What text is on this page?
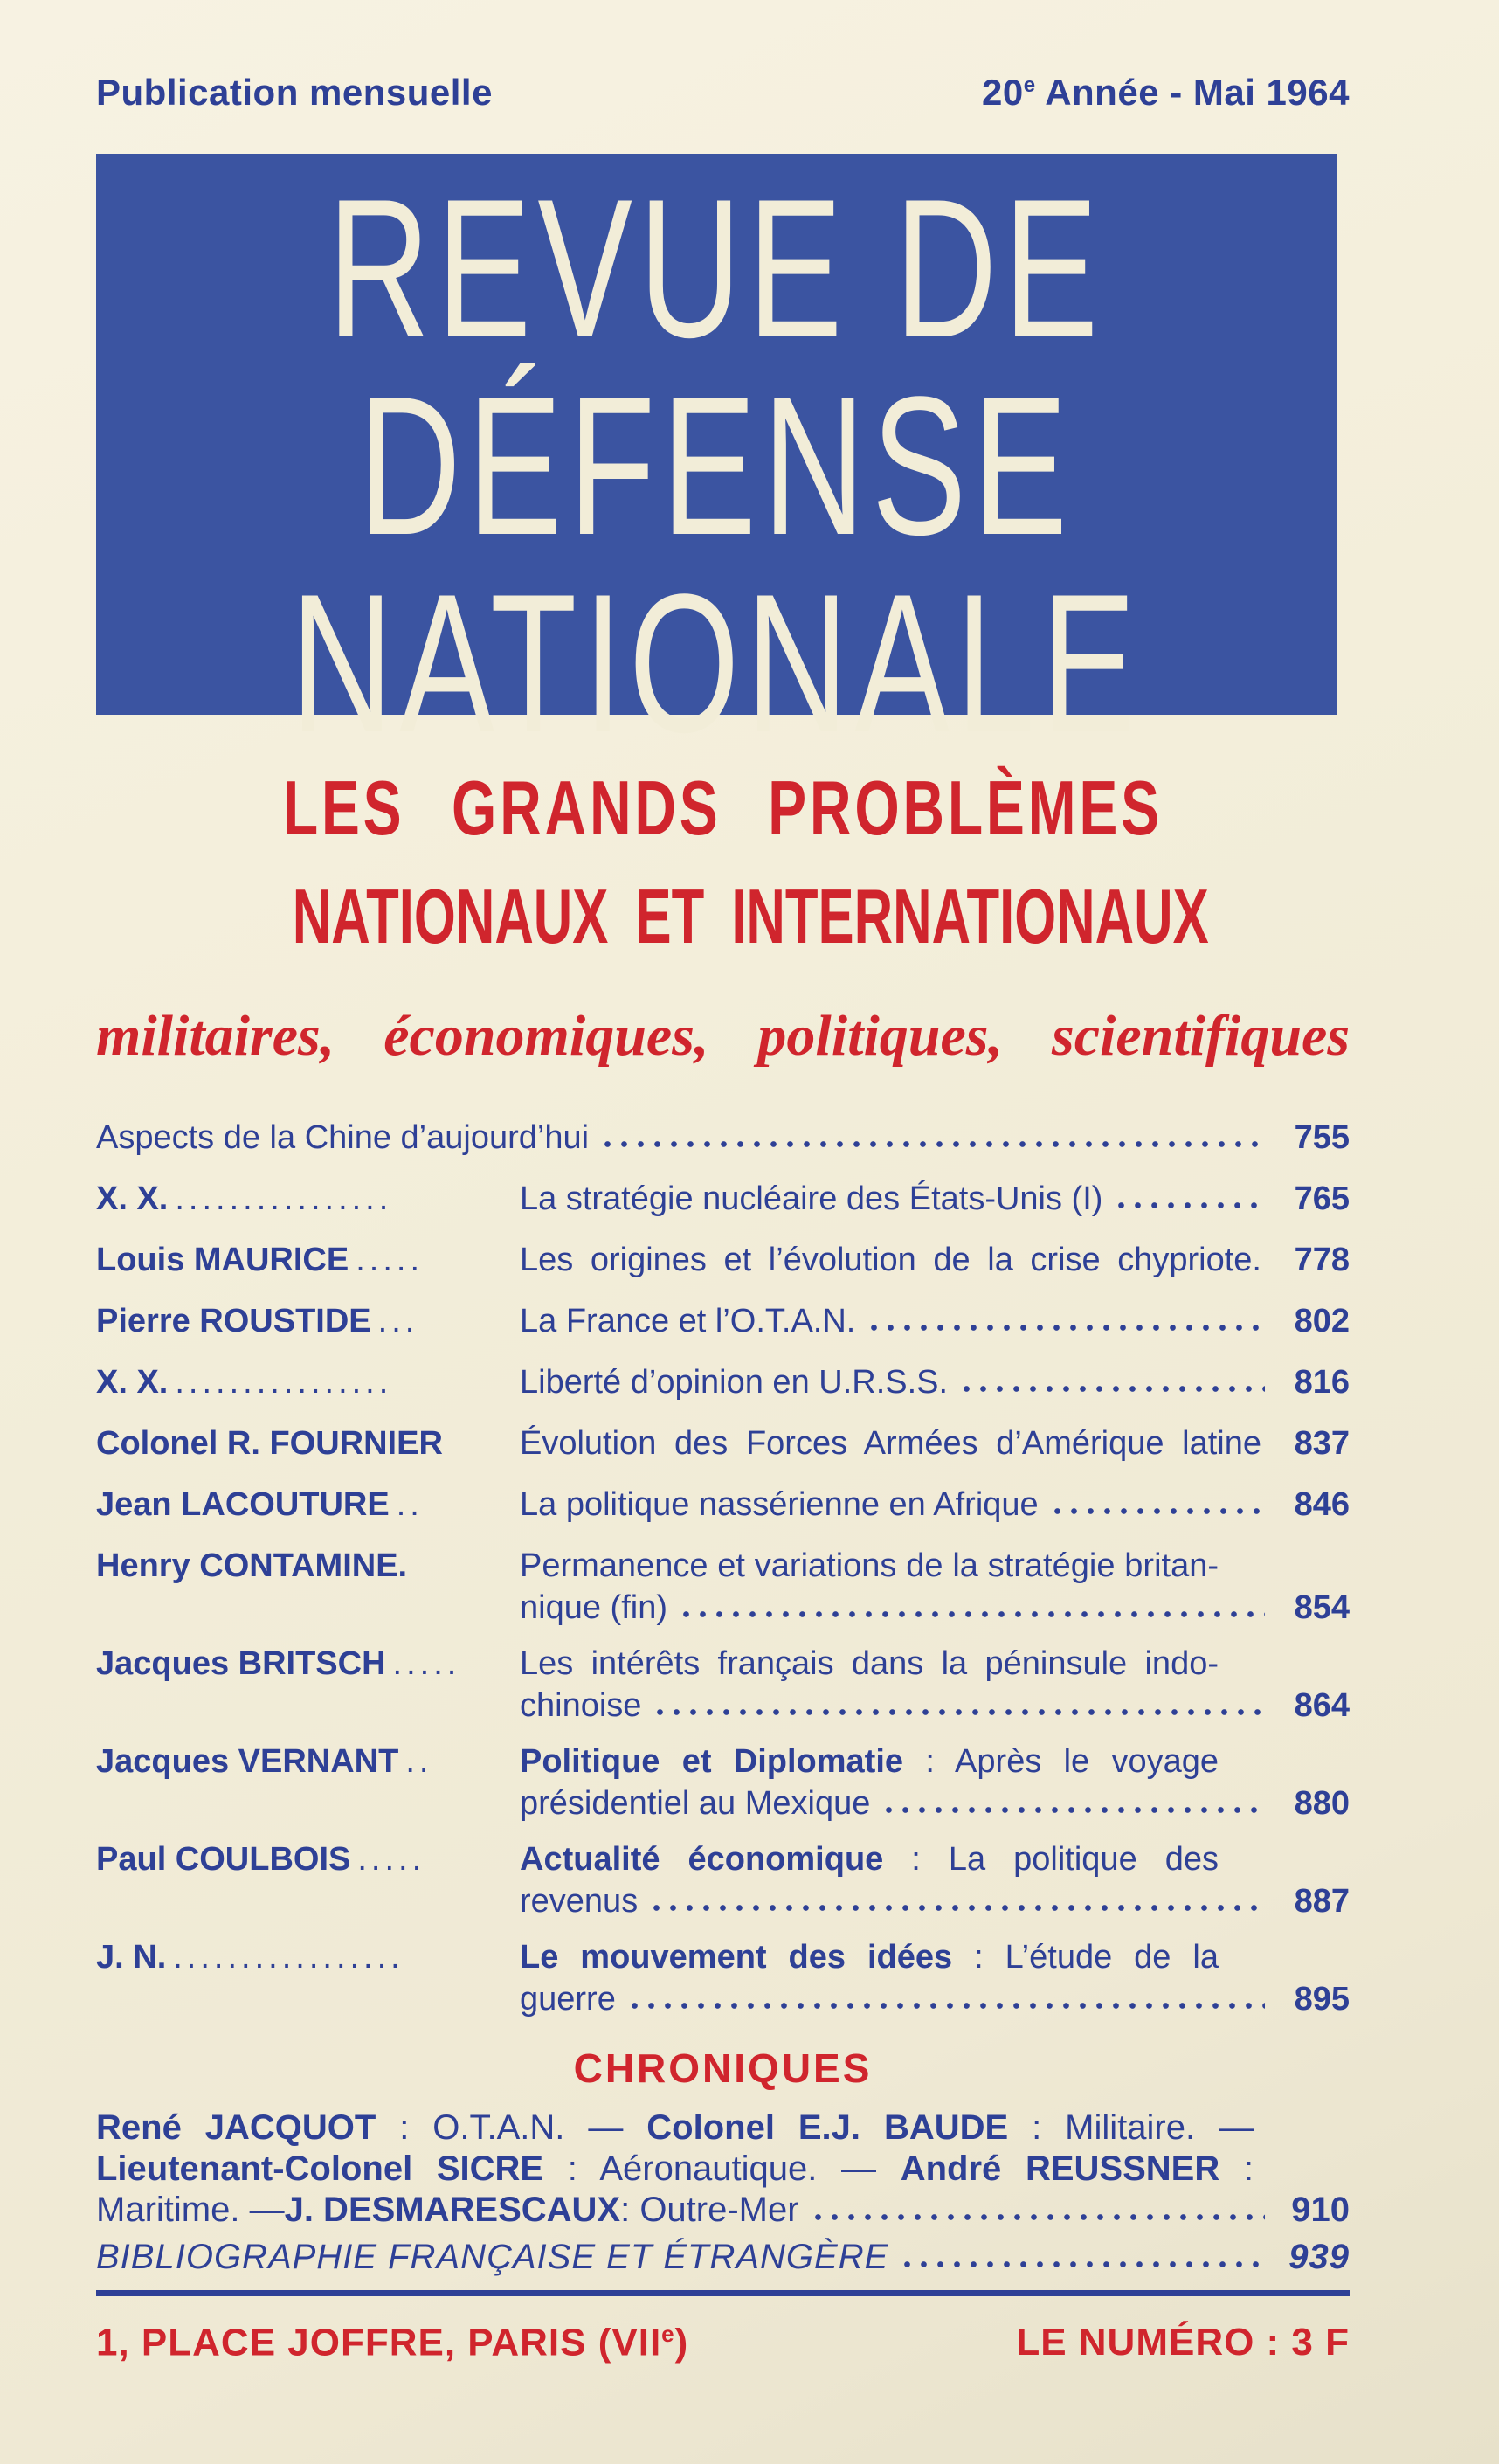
Publication mensuelle	20e Année - Mai 1964
REVUE DE
DÉFENSE
NATIONALE
LES GRANDS PROBLÈMES
NATIONAUX ET INTERNATIONAUX
militaires, économiques, politiques, scientifiques
Aspects de la Chine d’aujourd’hui	755
X. X. ................	La stratégie nucléaire des États-Unis (I)	765
Louis MAURICE .....	Les origines et l’évolution de la crise chypriote. 778
Pierre ROUSTIDE ...	La France et l’O.T.A.N.	802
X. X. ................	Liberté d’opinion en U.R.S.S.	816
Colonel R. FOURNIER	Évolution des Forces Armées d’Amérique latine 837
Jean LACOUTURE ..	La politique nassérienne en Afrique	846
Henry CONTAMINE.	Permanence et variations de la stratégie britan-
nique (fin)	854
Jacques BRITSCH .....	Les intérêts français dans la péninsule indo-
chinoise	864
Jacques VERNANT ..	Politique et Diplomatie : Après le voyage
présidentiel au Mexique	880
Paul COULBOIS .....	Actualité économique : La politique des
revenus	887
J. N. .................	Le mouvement des idées : L’étude de la
guerre	895
CHRONIQUES
René JACQUOT : O.T.A.N. — Colonel E.J. BAUDE : Militaire. —
Lieutenant-Colonel SICRE : Aéronautique. — André REUSSNER :
Maritime. — J. DESMARESCAUX : Outre-Mer	910
BIBLIOGRAPHIE FRANÇAISE ET ÉTRANGÈRE	939
1, PLACE JOFFRE, PARIS (VIIe)	LE NUMÉRO : 3 F
